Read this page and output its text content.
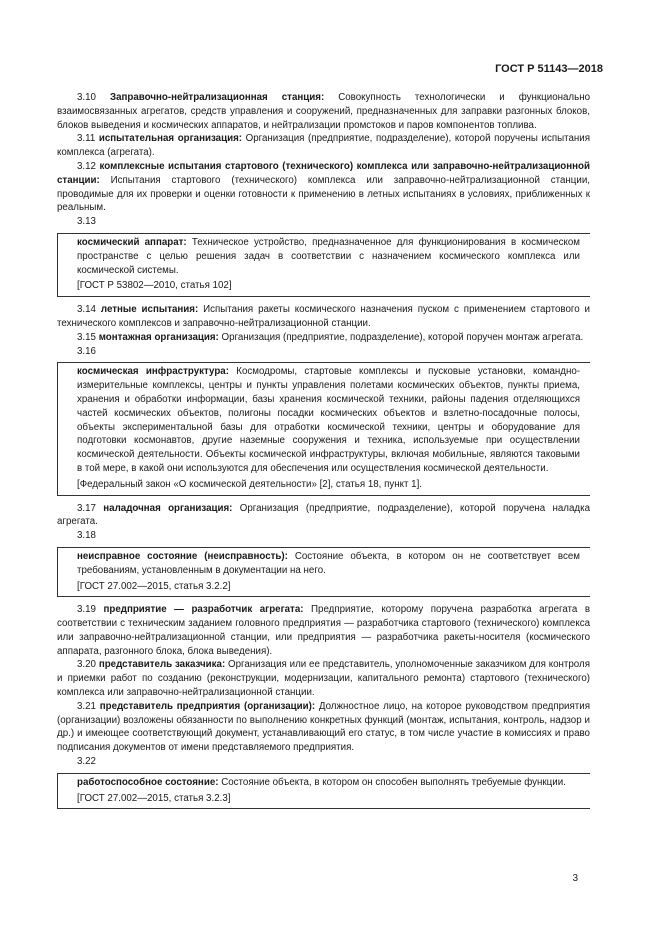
ГОСТ Р 51143—2018

3.10 Заправочно-нейтрализационная станция: Совокупность технологически и функционально взаимосвязанных агрегатов, средств управления и сооружений, предназначенных для заправки разгонных блоков, блоков выведения и космических аппаратов, и нейтрализации промстоков и паров компонентов топлива.

3.11 испытательная организация: Организация (предприятие, подразделение), которой поручены испытания комплекса (агрегата).

3.12 комплексные испытания стартового (технического) комплекса или заправочно-нейтрализационной станции: Испытания стартового (технического) комплекса или заправочно-нейтрализационной станции, проводимые для их проверки и оценки готовности к применению в летных испытаниях в условиях, приближенных к реальным.

3.13

космический аппарат: Техническое устройство, предназначенное для функционирования в космическом пространстве с целью решения задач в соответствии с назначением космического комплекса или космической системы.

[ГОСТ Р 53802—2010, статья 102]

3.14 летные испытания: Испытания ракеты космического назначения пуском с применением стартового и технического комплексов и заправочно-нейтрализационной станции.

3.15 монтажная организация: Организация (предприятие, подразделение), которой поручен монтаж агрегата.

3.16

космическая инфраструктура: Космодромы, стартовые комплексы и пусковые установки, командно-измерительные комплексы, центры и пункты управления полетами космических объектов, пункты приема, хранения и обработки информации, базы хранения космической техники, районы падения отделяющихся частей космических объектов, полигоны посадки космических объектов и взлетно-посадочные полосы, объекты экспериментальной базы для отработки космической техники, центры и оборудование для подготовки космонавтов, другие наземные сооружения и техника, используемые при осуществлении космической деятельности. Объекты космической инфраструктуры, включая мобильные, являются таковыми в той мере, в какой они используются для обеспечения или осуществления космической деятельности.

[Федеральный закон «О космической деятельности» [2], статья 18, пункт 1].

3.17 наладочная организация: Организация (предприятие, подразделение), которой поручена наладка агрегата.

3.18

неисправное состояние (неисправность): Состояние объекта, в котором он не соответствует всем требованиям, установленным в документации на него.

[ГОСТ 27.002—2015, статья 3.2.2]

3.19 предприятие — разработчик агрегата: Предприятие, которому поручена разработка агрегата в соответствии с техническим заданием головного предприятия — разработчика стартового (технического) комплекса или заправочно-нейтрализационной станции, или предприятия — разработчика ракеты-носителя (космического аппарата, разгонного блока, блока выведения).

3.20 представитель заказчика: Организация или ее представитель, уполномоченные заказчиком для контроля и приемки работ по созданию (реконструкции, модернизации, капитального ремонта) стартового (технического) комплекса или заправочно-нейтрализационной станции.

3.21 представитель предприятия (организации): Должностное лицо, на которое руководством предприятия (организации) возложены обязанности по выполнению конкретных функций (монтаж, испытания, контроль, надзор и др.) и имеющее соответствующий документ, устанавливающий его статус, в том числе участие в комиссиях и право подписания документов от имени представляемого предприятия.

3.22

работоспособное состояние: Состояние объекта, в котором он способен выполнять требуемые функции.

[ГОСТ 27.002—2015, статья 3.2.3]

3
